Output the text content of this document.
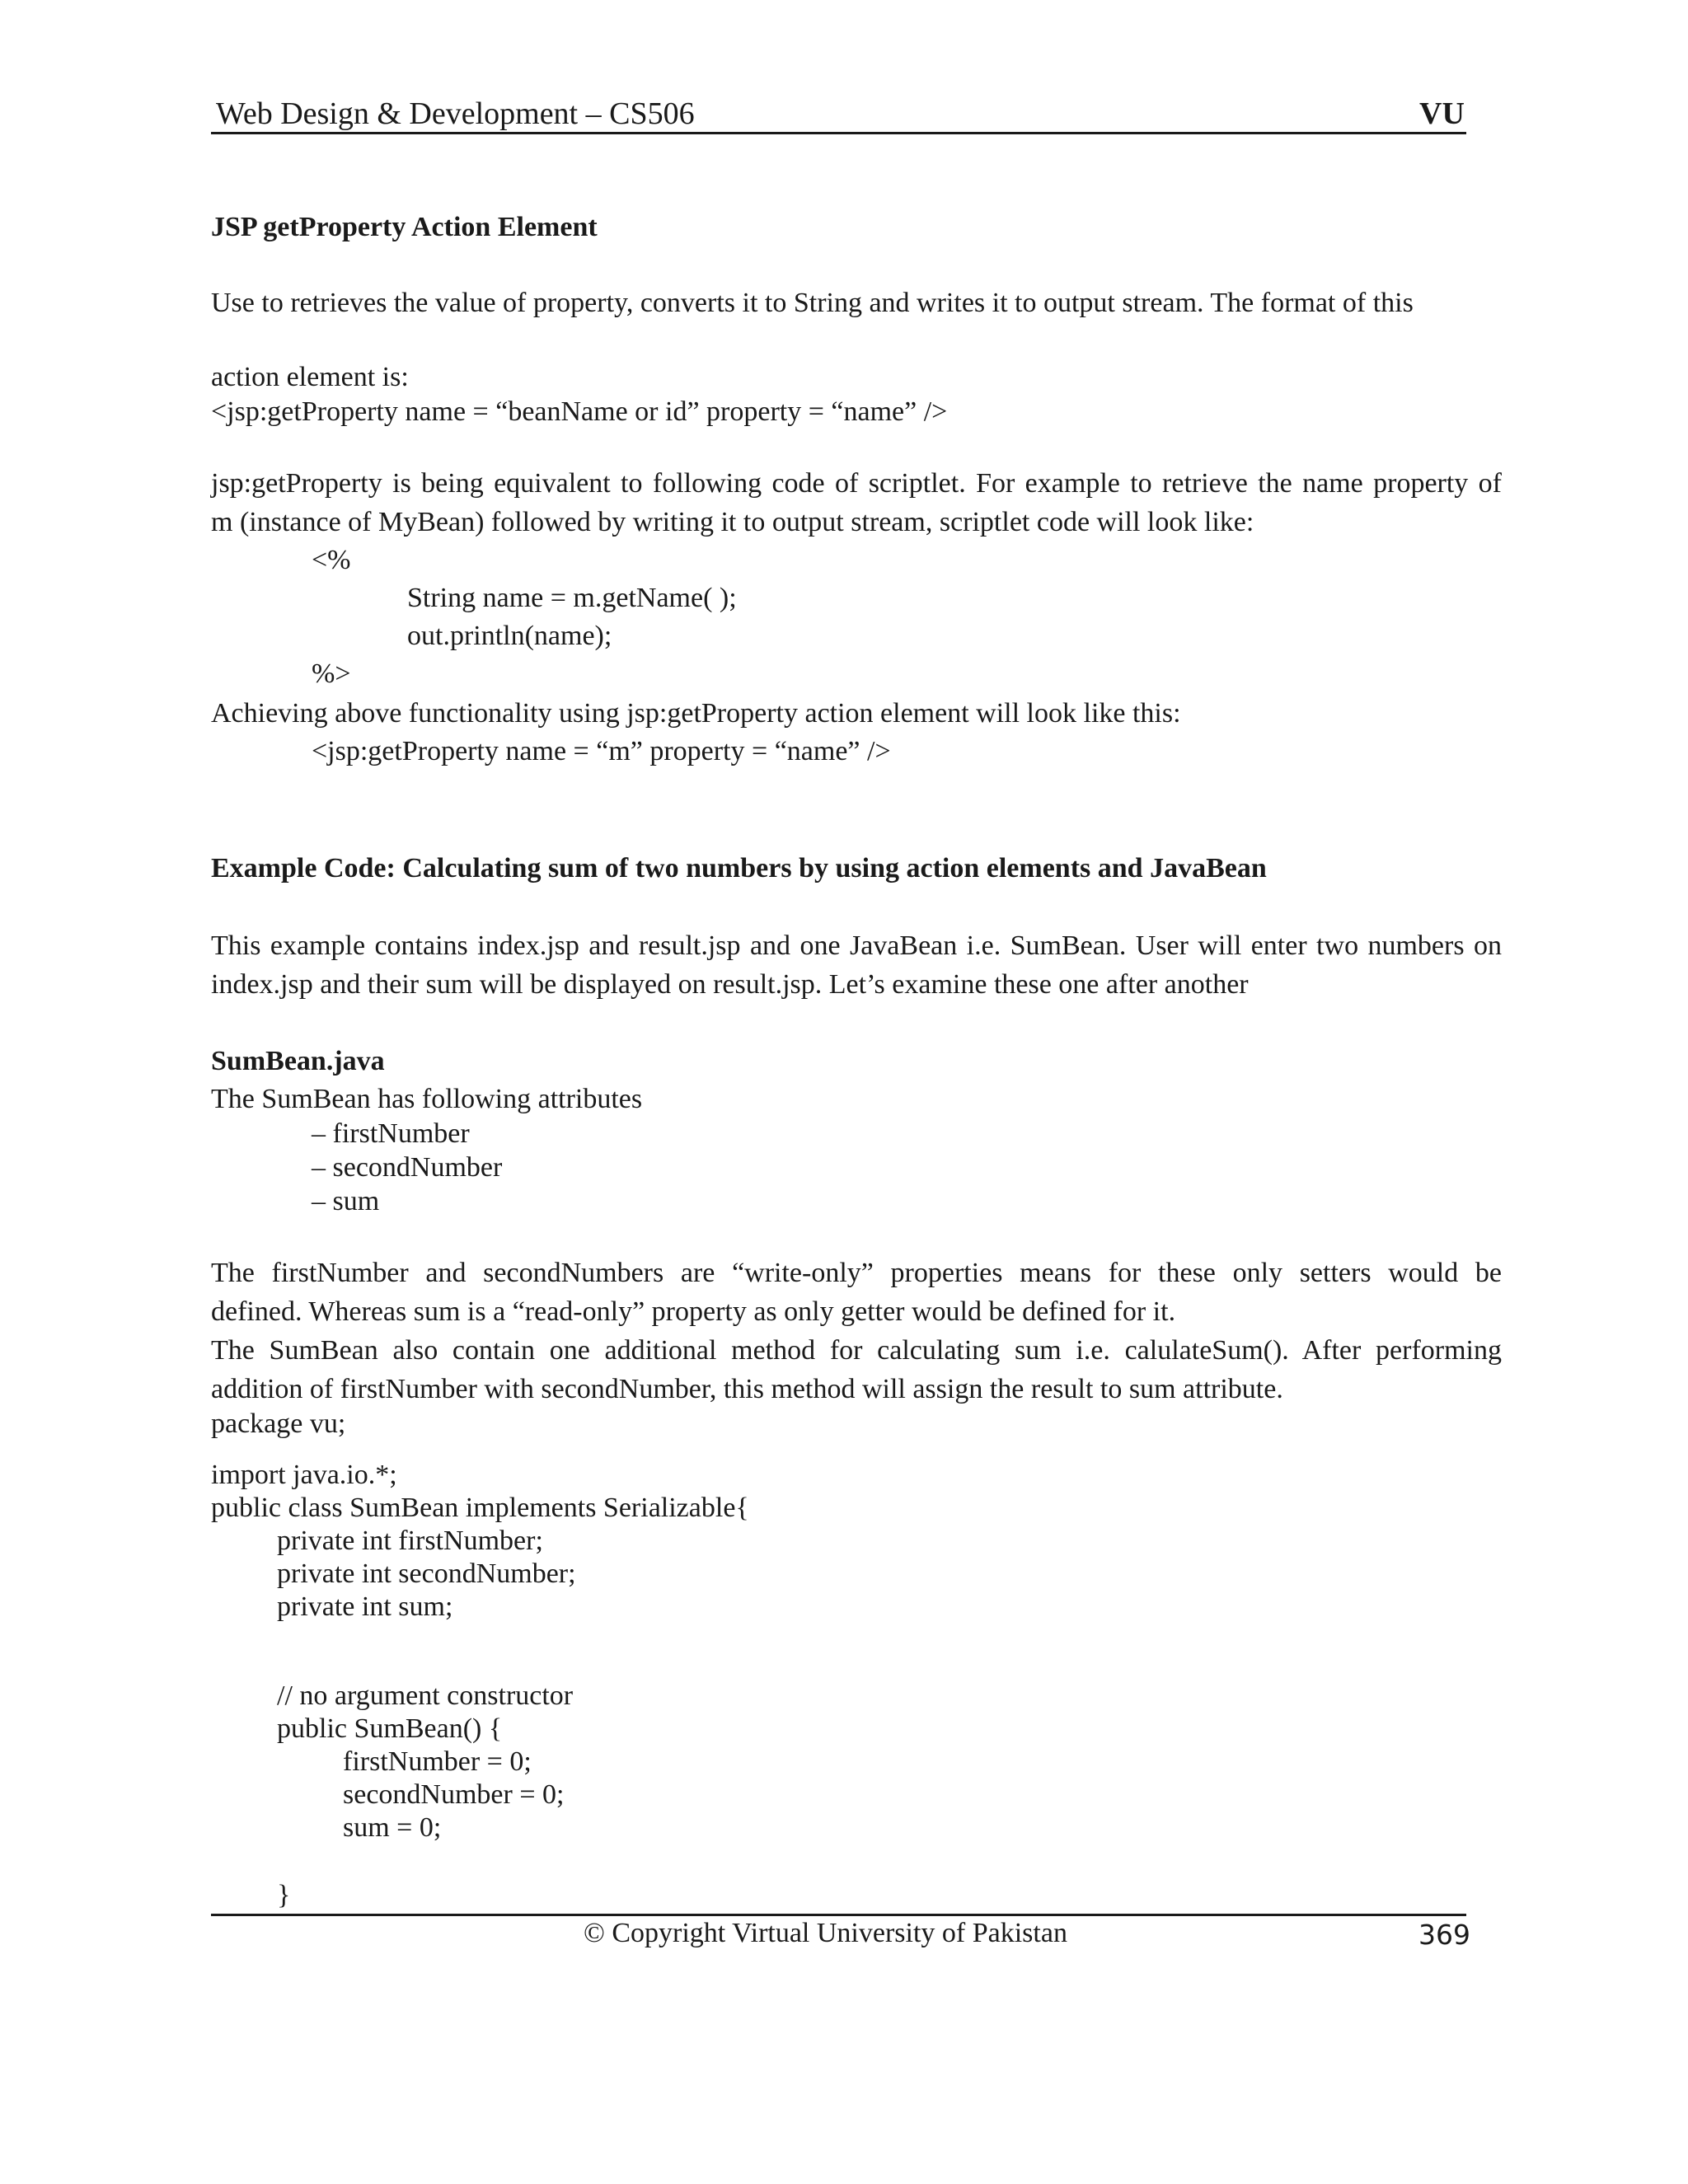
Web Design & Development – CS506	VU
JSP getProperty Action Element
Use to retrieves the value of property, converts it to String and writes it to output stream. The format of this
action element is:
<jsp:getProperty name = “beanName or id” property = “name” />
jsp:getProperty is being equivalent to following code of scriptlet. For example to retrieve the name property of
m (instance of MyBean) followed by writing it to output stream, scriptlet code will look like:
<%
String name = m.getName( );
out.println(name);
%>
Achieving above functionality using jsp:getProperty action element will look like this:
<jsp:getProperty name = “m” property = “name” />
Example Code: Calculating sum of two numbers by using action elements and JavaBean
This example contains index.jsp and result.jsp and one JavaBean i.e. SumBean. User will enter two numbers on
index.jsp and their sum will be displayed on result.jsp. Let’s examine these one after another
SumBean.java
The SumBean has following attributes
– firstNumber
– secondNumber
– sum
The firstNumber and secondNumbers are “write-only” properties means for these only setters would be
defined. Whereas sum is a “read-only” property as only getter would be defined for it.
The SumBean also contain one additional method for calculating sum i.e. calulateSum(). After performing
addition of firstNumber with secondNumber, this method will assign the result to sum attribute.
package vu;
import java.io.*;
public class SumBean implements Serializable{
private int firstNumber;
private int secondNumber;
private int sum;
// no argument constructor
public SumBean() {
firstNumber = 0;
secondNumber = 0;
sum = 0;
}
© Copyright Virtual University of Pakistan	369
